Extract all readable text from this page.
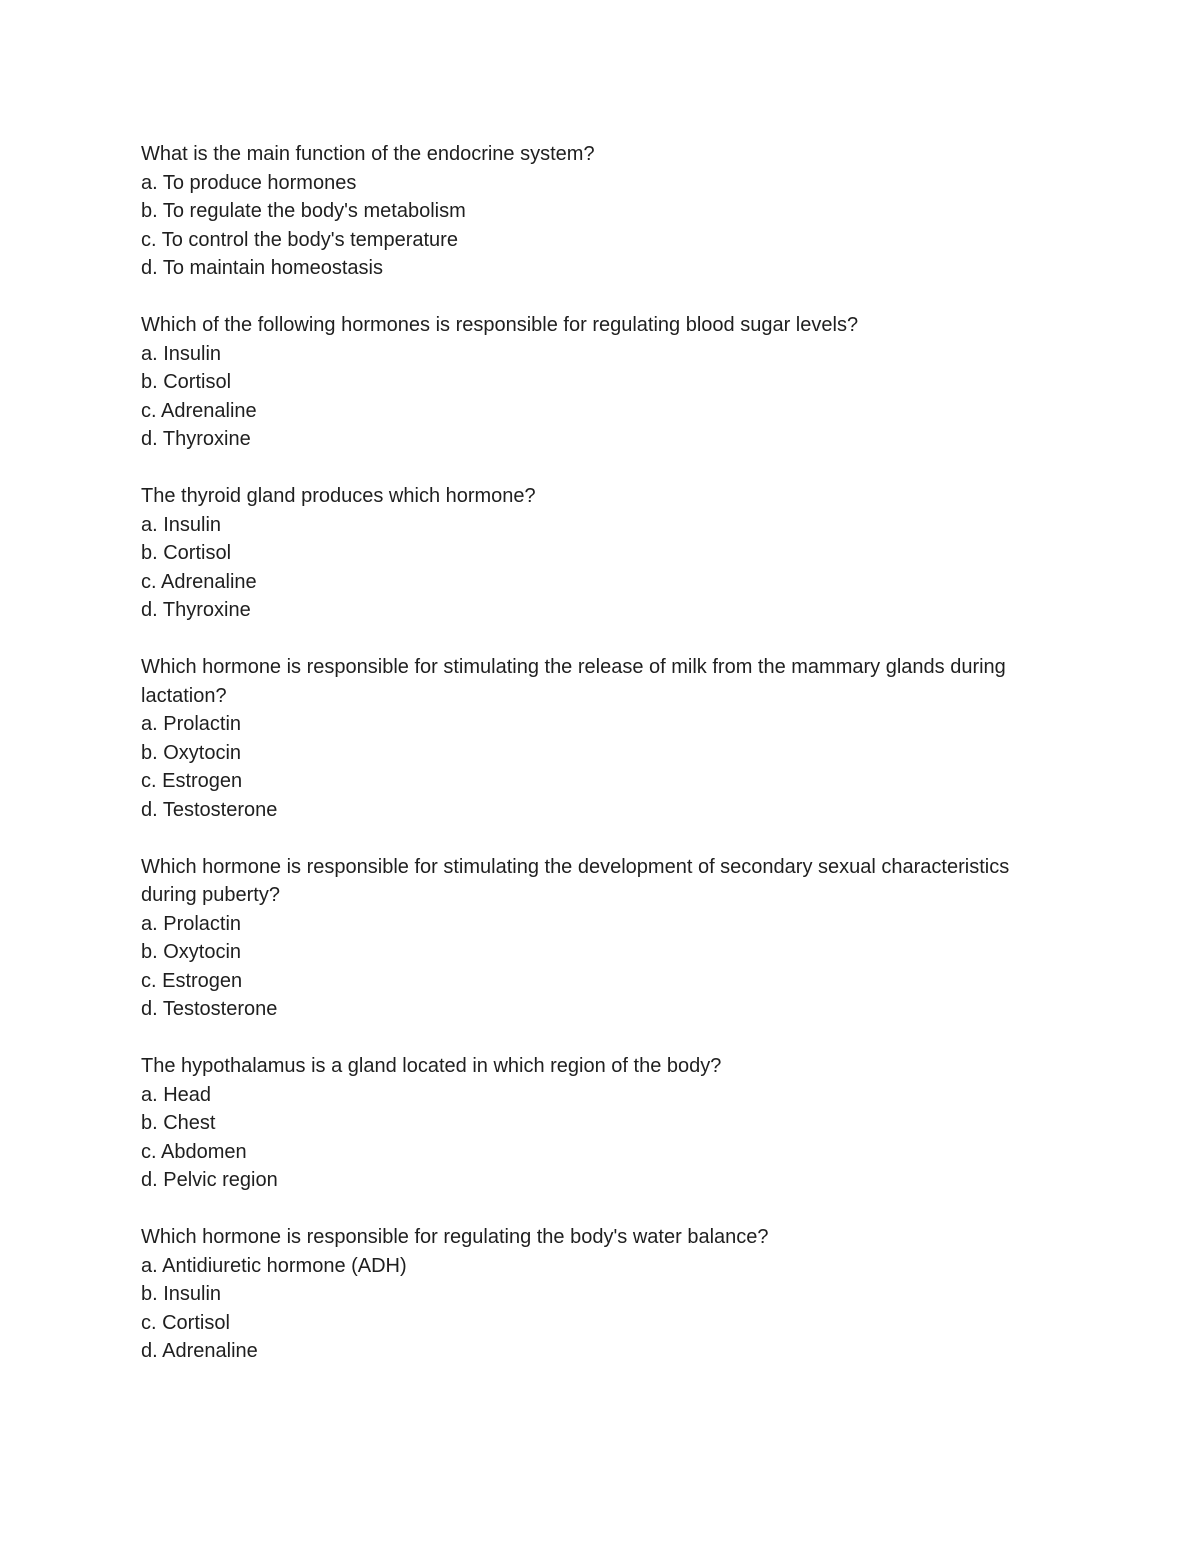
What is the main function of the endocrine system?
a. To produce hormones
b. To regulate the body's metabolism
c. To control the body's temperature
d. To maintain homeostasis
Which of the following hormones is responsible for regulating blood sugar levels?
a. Insulin
b. Cortisol
c. Adrenaline
d. Thyroxine
The thyroid gland produces which hormone?
a. Insulin
b. Cortisol
c. Adrenaline
d. Thyroxine
Which hormone is responsible for stimulating the release of milk from the mammary glands during lactation?
a. Prolactin
b. Oxytocin
c. Estrogen
d. Testosterone
Which hormone is responsible for stimulating the development of secondary sexual characteristics during puberty?
a. Prolactin
b. Oxytocin
c. Estrogen
d. Testosterone
The hypothalamus is a gland located in which region of the body?
a. Head
b. Chest
c. Abdomen
d. Pelvic region
Which hormone is responsible for regulating the body's water balance?
a. Antidiuretic hormone (ADH)
b. Insulin
c. Cortisol
d. Adrenaline
